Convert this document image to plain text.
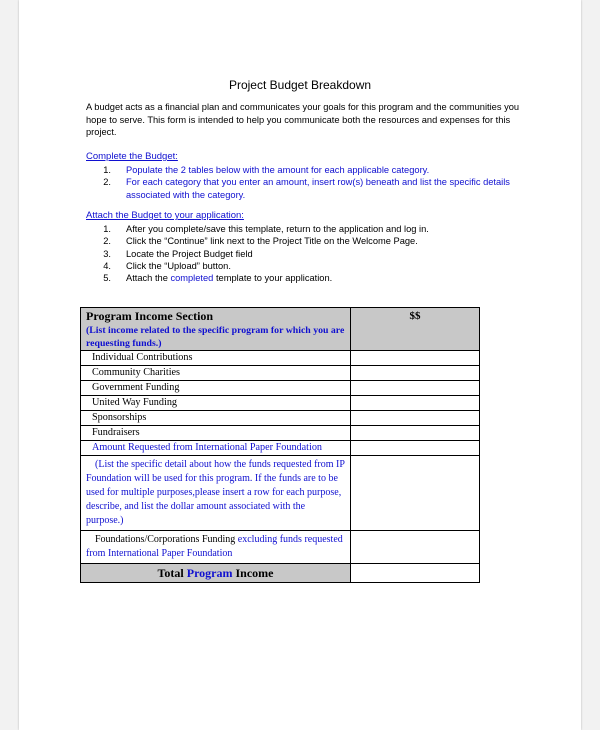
Project Budget Breakdown
A budget acts as a financial plan and communicates your goals for this program and the communities you hope to serve. This form is intended to help you communicate both the resources and expenses for this project.
Complete the Budget:
1.	Populate the 2 tables below with the amount for each applicable category.
2.	For each category that you enter an amount, insert row(s) beneath and list the specific details associated with the category.
Attach the Budget to your application:
1.	After you complete/save this template, return to the application and log in.
2.	Click the “Continue” link next to the Project Title on the Welcome Page.
3.	Locate the Project Budget field
4.	Click the “Upload” button.
5.	Attach the completed template to your application.
Program Income Section
(List income related to the specific program for which you are requesting funds.)	$$
Individual Contributions	
Community Charities	
Government Funding	
United Way Funding	
Sponsorships	
Fundraisers	
Amount Requested from International Paper Foundation	
(List the specific detail about how the funds requested from IP Foundation will be used for this program. If the funds are to be used for multiple purposes,please insert a row for each purpose, describe, and list the dollar amount associated with the purpose.)	
Foundations/Corporations Funding excluding funds requested from International Paper Foundation	
Total Program Income	
